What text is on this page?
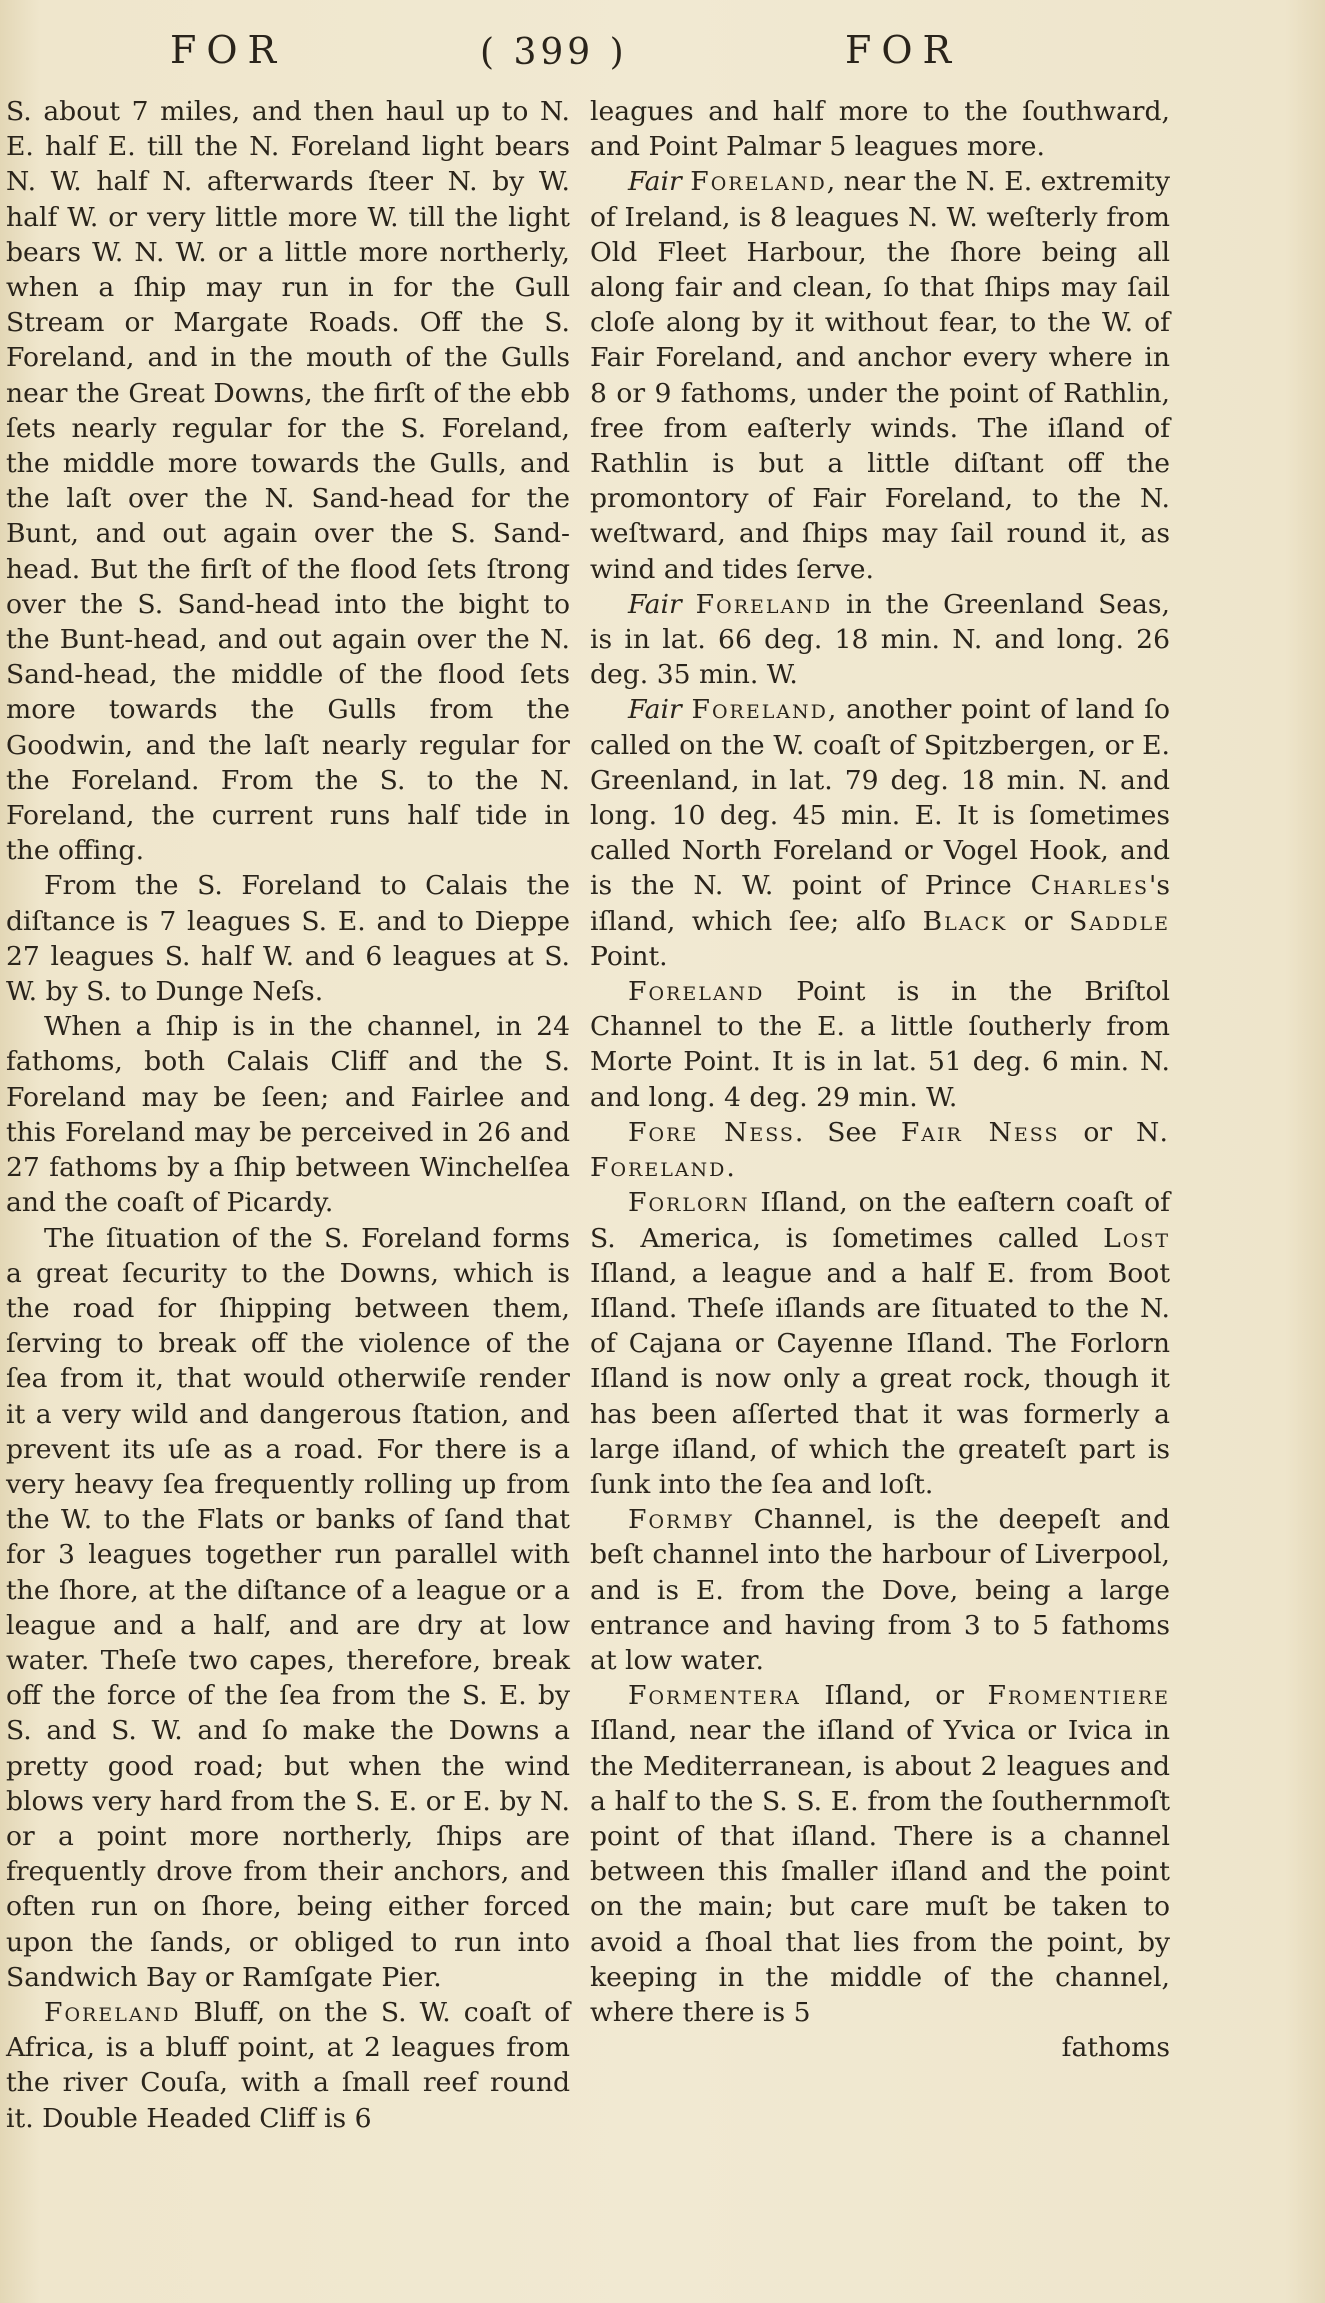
FOR	( 399 )	FOR

S. about 7 miles, and then haul up to N. E. half E. till the N. Foreland light bears N. W. half N. afterwards ſteer N. by W. half W. or very little more W. till the light bears W. N. W. or a little more northerly, when a ſhip may run in for the Gull Stream or Margate Roads. Off the S. Foreland, and in the mouth of the Gulls near the Great Downs, the firſt of the ebb ſets nearly regular for the S. Foreland, the middle more towards the Gulls, and the laſt over the N. Sand-head for the Bunt, and out again over the S. Sand-head. But the firſt of the flood ſets ſtrong over the S. Sand-head into the bight to the Bunt-head, and out again over the N. Sand-head, the middle of the flood ſets more towards the Gulls from the Goodwin, and the laſt nearly regular for the Foreland. From the S. to the N. Foreland, the current runs half tide in the offing.

From the S. Foreland to Calais the diſtance is 7 leagues S. E. and to Dieppe 27 leagues S. half W. and 6 leagues at S. W. by S. to Dunge Neſs.

When a ſhip is in the channel, in 24 fathoms, both Calais Cliff and the S. Foreland may be ſeen; and Fairlee and this Foreland may be perceived in 26 and 27 fathoms by a ſhip between Winchelſea and the coaſt of Picardy.

The ſituation of the S. Foreland forms a great ſecurity to the Downs, which is the road for ſhipping between them, ſerving to break off the violence of the ſea from it, that would otherwiſe render it a very wild and dangerous ſtation, and prevent its uſe as a road. For there is a very heavy ſea frequently rolling up from the W. to the Flats or banks of ſand that for 3 leagues together run parallel with the ſhore, at the diſtance of a league or a league and a half, and are dry at low water. Theſe two capes, therefore, break off the force of the ſea from the S. E. by S. and S. W. and ſo make the Downs a pretty good road; but when the wind blows very hard from the S. E. or E. by N. or a point more northerly, ſhips are frequently drove from their anchors, and often run on ſhore, being either forced upon the ſands, or obliged to run into Sandwich Bay or Ramſgate Pier.

Foreland Bluff, on the S. W. coaſt of Africa, is a bluff point, at 2 leagues from the river Couſa, with a ſmall reef round it. Double Headed Cliff is 6

leagues and half more to the ſouthward, and Point Palmar 5 leagues more.

Fair Foreland, near the N. E. extremity of Ireland, is 8 leagues N. W. weſterly from Old Fleet Harbour, the ſhore being all along fair and clean, ſo that ſhips may ſail cloſe along by it without fear, to the W. of Fair Foreland, and anchor every where in 8 or 9 fathoms, under the point of Rathlin, free from eaſterly winds. The iſland of Rathlin is but a little diſtant off the promontory of Fair Foreland, to the N. weſtward, and ſhips may ſail round it, as wind and tides ſerve.

Fair Foreland in the Greenland Seas, is in lat. 66 deg. 18 min. N. and long. 26 deg. 35 min. W.

Fair Foreland, another point of land ſo called on the W. coaſt of Spitzbergen, or E. Greenland, in lat. 79 deg. 18 min. N. and long. 10 deg. 45 min. E. It is ſometimes called North Foreland or Vogel Hook, and is the N. W. point of Prince Charles's iſland, which ſee; alſo Black or Saddle Point.

Foreland Point is in the Briſtol Channel to the E. a little ſoutherly from Morte Point. It is in lat. 51 deg. 6 min. N. and long. 4 deg. 29 min. W.

Fore Ness. See Fair Ness or N. Foreland.

Forlorn Iſland, on the eaſtern coaſt of S. America, is ſometimes called Lost Iſland, a league and a half E. from Boot Iſland. Theſe iſlands are ſituated to the N. of Cajana or Cayenne Iſland. The Forlorn Iſland is now only a great rock, though it has been aſſerted that it was formerly a large iſland, of which the greateſt part is ſunk into the ſea and loſt.

Formby Channel, is the deepeſt and beſt channel into the harbour of Liverpool, and is E. from the Dove, being a large entrance and having from 3 to 5 fathoms at low water.

Formentera Iſland, or Fromentiere Iſland, near the iſland of Yvica or Ivica in the Mediterranean, is about 2 leagues and a half to the S. S. E. from the ſouthernmoſt point of that iſland. There is a channel between this ſmaller iſland and the point on the main; but care muſt be taken to avoid a ſhoal that lies from the point, by keeping in the middle of the channel, where there is 5

fathoms
